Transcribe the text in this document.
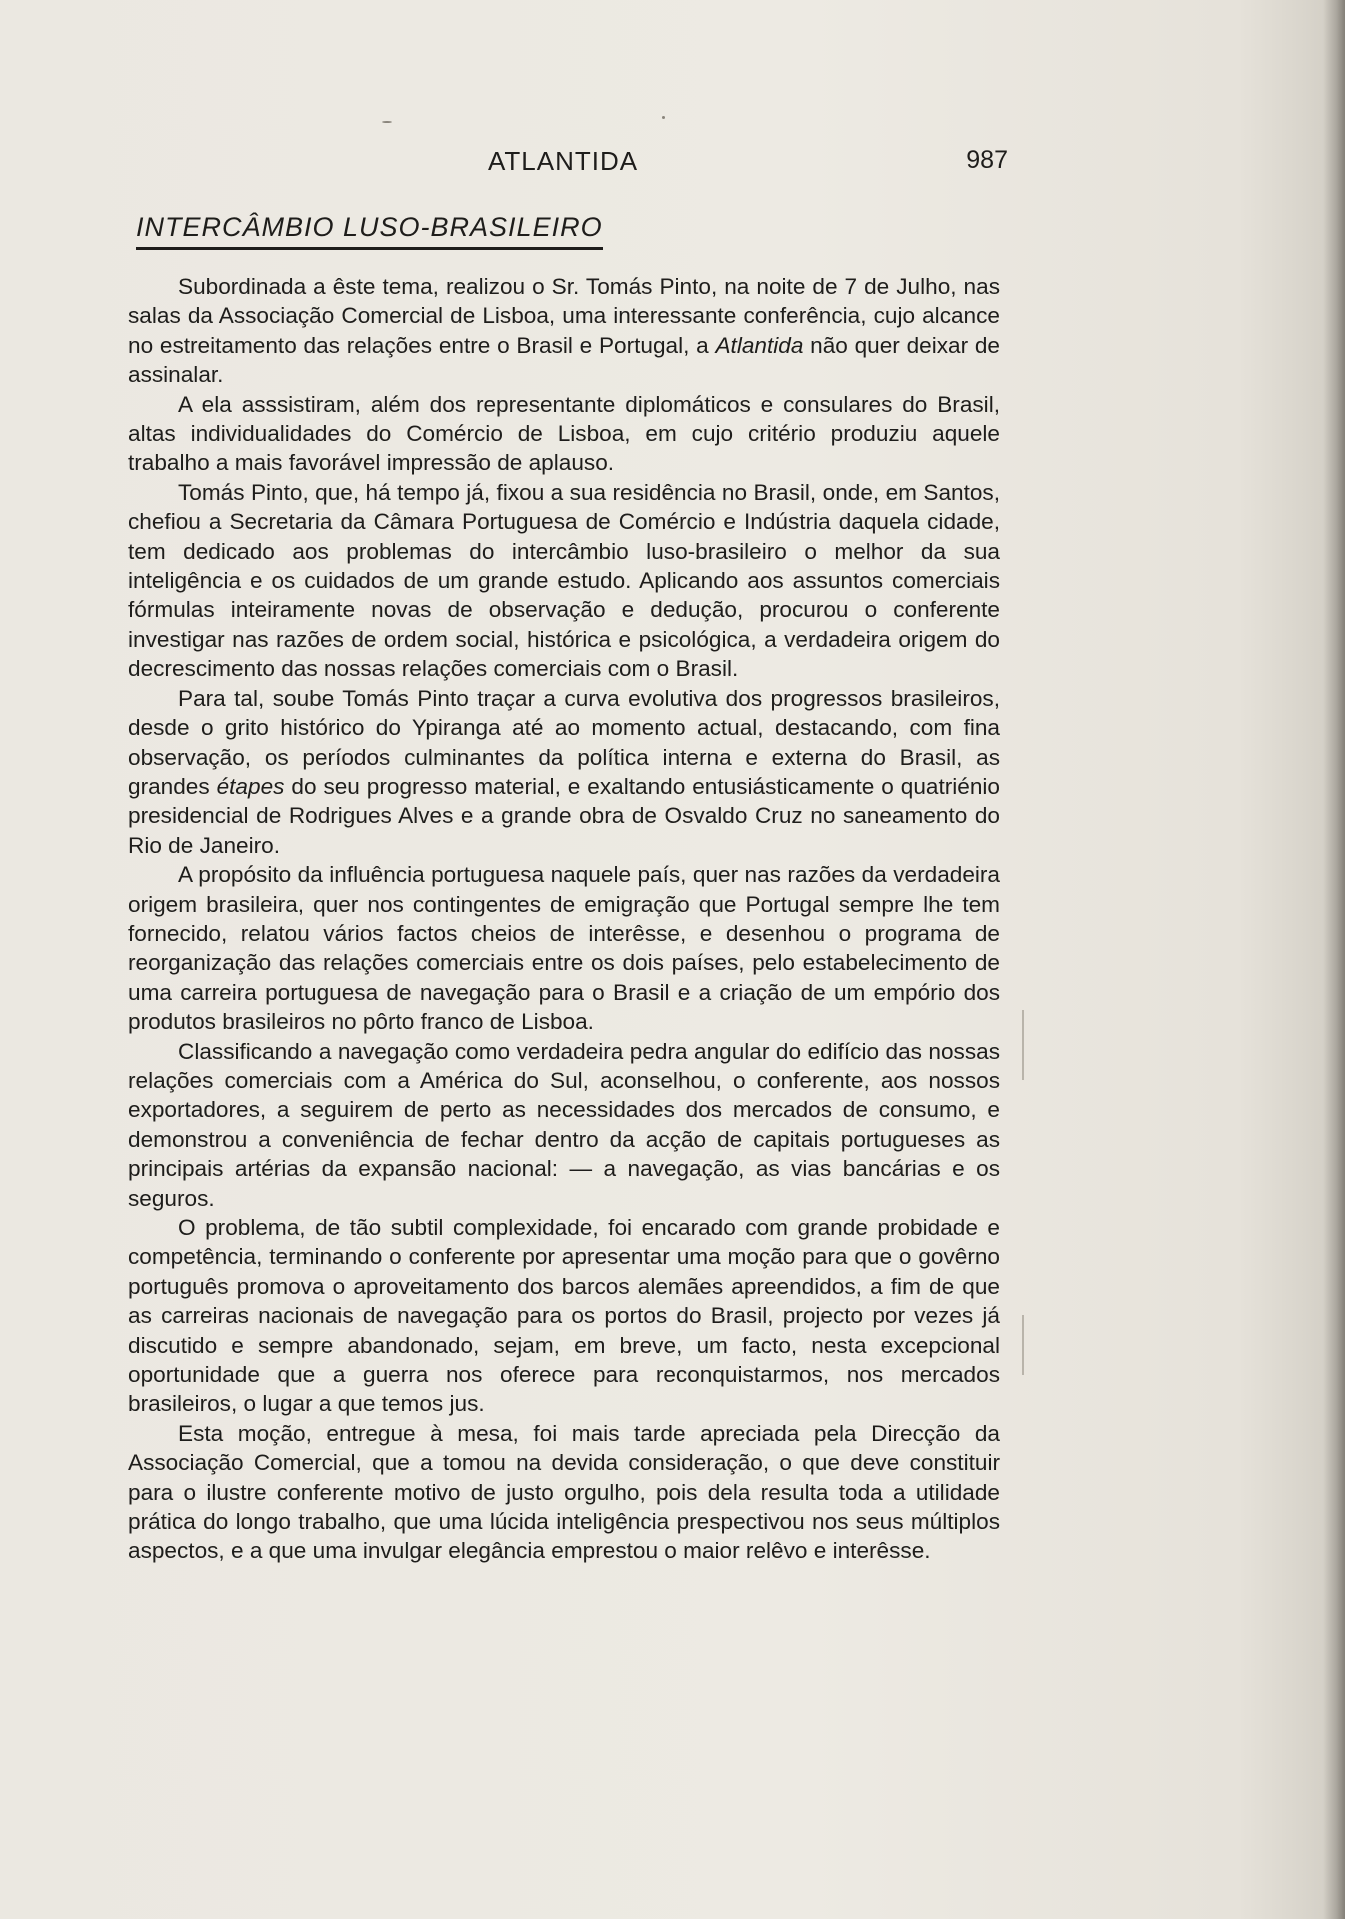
ATLANTIDA	987
INTERCÂMBIO LUSO-BRASILEIRO

Subordinada a êste tema, realizou o Sr. Tomás Pinto, na noite de 7 de Julho, nas salas da Associação Comercial de Lisboa, uma interessante conferência, cujo alcance no estreitamento das relações entre o Brasil e Portugal, a Atlantida não quer deixar de assinalar.

A ela asssistiram, além dos representante diplomáticos e consulares do Brasil, altas individualidades do Comércio de Lisboa, em cujo critério produziu aquele trabalho a mais favorável impressão de aplauso.

Tomás Pinto, que, há tempo já, fixou a sua residência no Brasil, onde, em Santos, chefiou a Secretaria da Câmara Portuguesa de Comércio e Indústria daquela cidade, tem dedicado aos problemas do intercâmbio luso-brasileiro o melhor da sua inteligência e os cuidados de um grande estudo. Aplicando aos assuntos comerciais fórmulas inteiramente novas de observação e dedução, procurou o conferente investigar nas razões de ordem social, histórica e psicológica, a verdadeira origem do decrescimento das nossas relações comerciais com o Brasil.

Para tal, soube Tomás Pinto traçar a curva evolutiva dos progressos brasileiros, desde o grito histórico do Ypiranga até ao momento actual, destacando, com fina observação, os períodos culminantes da política interna e externa do Brasil, as grandes étapes do seu progresso material, e exaltando entusiásticamente o quatriénio presidencial de Rodrigues Alves e a grande obra de Osvaldo Cruz no saneamento do Rio de Janeiro.

A propósito da influência portuguesa naquele país, quer nas razões da verdadeira origem brasileira, quer nos contingentes de emigração que Portugal sempre lhe tem fornecido, relatou vários factos cheios de interêsse, e desenhou o programa de reorganização das relações comerciais entre os dois países, pelo estabelecimento de uma carreira portuguesa de navegação para o Brasil e a criação de um empório dos produtos brasileiros no pôrto franco de Lisboa.

Classificando a navegação como verdadeira pedra angular do edifício das nossas relações comerciais com a América do Sul, aconselhou, o conferente, aos nossos exportadores, a seguirem de perto as necessidades dos mercados de consumo, e demonstrou a conveniência de fechar dentro da acção de capitais portugueses as principais artérias da expansão nacional: — a navegação, as vias bancárias e os seguros.

O problema, de tão subtil complexidade, foi encarado com grande probidade e competência, terminando o conferente por apresentar uma moção para que o govêrno português promova o aproveitamento dos barcos alemães apreendidos, a fim de que as carreiras nacionais de navegação para os portos do Brasil, projecto por vezes já discutido e sempre abandonado, sejam, em breve, um facto, nesta excepcional oportunidade que a guerra nos oferece para reconquistarmos, nos mercados brasileiros, o lugar a que temos jus.

Esta moção, entregue à mesa, foi mais tarde apreciada pela Direcção da Associação Comercial, que a tomou na devida consideração, o que deve constituir para o ilustre conferente motivo de justo orgulho, pois dela resulta toda a utilidade prática do longo trabalho, que uma lúcida inteligência prespectivou nos seus múltiplos aspectos, e a que uma invulgar elegância emprestou o maior relêvo e interêsse.
